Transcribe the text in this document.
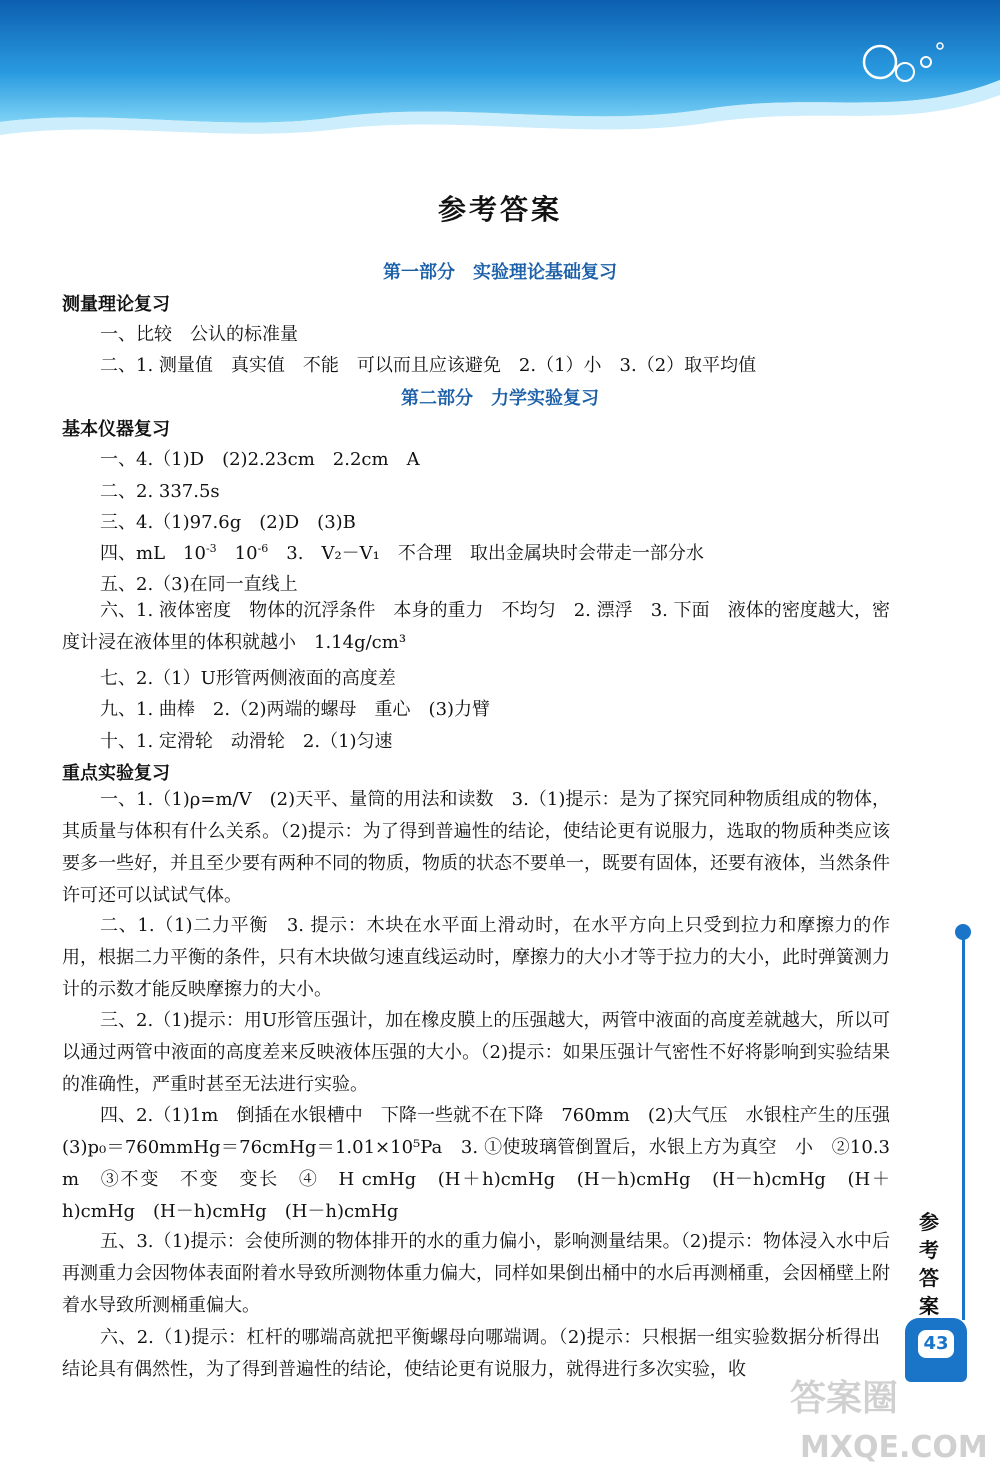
参考答案
第一部分　实验理论基础复习
测量理论复习
一、比较　公认的标准量
二、1. 测量值　真实值　不能　可以而且应该避免　2.（1）小　3.（2）取平均值
第二部分　力学实验复习
基本仪器复习
一、4.（1)D　(2)2.23cm　2.2cm　A
二、2. 337.5s
三、4.（1)97.6g　(2)D　(3)B
四、mL　$10^{-3}$　$10^{-6}$　3.　V₂－V₁　不合理　取出金属块时会带走一部分水
五、2.（3)在同一直线上
六、1. 液体密度　物体的沉浮条件　本身的重力　不均匀　2. 漂浮　3. 下面　液体的密度越大，密度计浸在液体里的体积就越小　1.14g/cm³
七、2.（1）U形管两侧液面的高度差
九、1. 曲棒　2.（2)两端的螺母　重心　(3)力臂
十、1. 定滑轮　动滑轮　2.（1)匀速
重点实验复习
一、1.（1)ρ=m/V　(2)天平、量筒的用法和读数　3.（1)提示：是为了探究同种物质组成的物体，其质量与体积有什么关系。（2)提示：为了得到普遍性的结论，使结论更有说服力，选取的物质种类应该要多一些好，并且至少要有两种不同的物质，物质的状态不要单一，既要有固体，还要有液体，当然条件许可还可以试试气体。
二、1.（1)二力平衡　3. 提示：木块在水平面上滑动时，在水平方向上只受到拉力和摩擦力的作用，根据二力平衡的条件，只有木块做匀速直线运动时，摩擦力的大小才等于拉力的大小，此时弹簧测力计的示数才能反映摩擦力的大小。
三、2.（1)提示：用U形管压强计，加在橡皮膜上的压强越大，两管中液面的高度差就越大，所以可以通过两管中液面的高度差来反映液体压强的大小。（2)提示：如果压强计气密性不好将影响到实验结果的准确性，严重时甚至无法进行实验。
四、2.（1)1m　倒插在水银槽中　下降一些就不在下降　760mm　(2)大气压　水银柱产生的压强　(3)p₀＝760mmHg＝76cmHg＝1.01×10⁵Pa　3. ①使玻璃管倒置后，水银上方为真空　小　②10.3 m　③不变　不变　变长　④　H cmHg　(H＋h)cmHg　(H－h)cmHg　(H－h)cmHg　(H＋h)cmHg　(H－h)cmHg　(H－h)cmHg
五、3.（1)提示：会使所测的物体排开的水的重力偏小，影响测量结果。（2)提示：物体浸入水中后再测重力会因物体表面附着水导致所测物体重力偏大，同样如果倒出桶中的水后再测桶重，会因桶壁上附着水导致所测桶重偏大。
六、2.（1)提示：杠杆的哪端高就把平衡螺母向哪端调。（2)提示：只根据一组实验数据分析得出结论具有偶然性，为了得到普遍性的结论，使结论更有说服力，就得进行多次实验，收
参考答案
43
答案圈
MXQE.COM
